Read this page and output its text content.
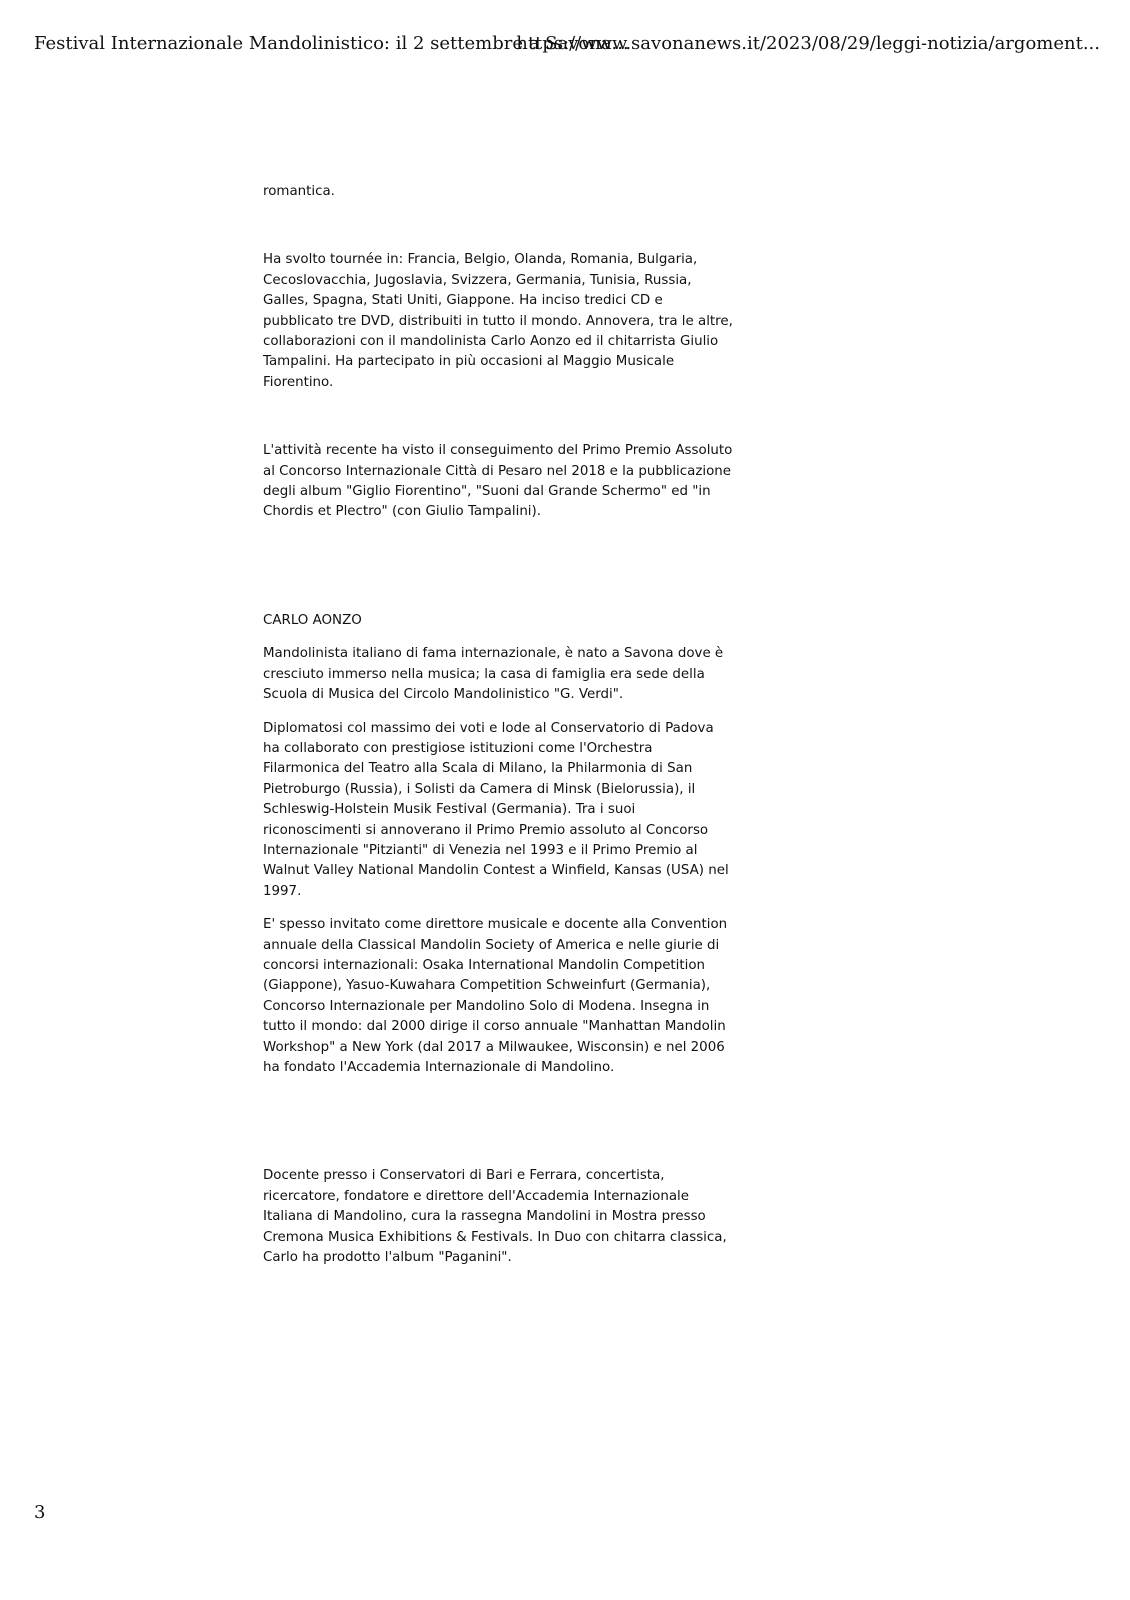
Festival Internazionale Mandolinistico: il 2 settembre a Savona...
https://www.savonanews.it/2023/08/29/leggi-notizia/argoment...

romantica.

Ha svolto tournée in: Francia, Belgio, Olanda, Romania, Bulgaria, Cecoslovacchia, Jugoslavia, Svizzera, Germania, Tunisia, Russia, Galles, Spagna, Stati Uniti, Giappone. Ha inciso tredici CD e pubblicato tre DVD, distribuiti in tutto il mondo. Annovera, tra le altre, collaborazioni con il mandolinista Carlo Aonzo ed il chitarrista Giulio Tampalini. Ha partecipato in più occasioni al Maggio Musicale Fiorentino.

L'attività recente ha visto il conseguimento del Primo Premio Assoluto al Concorso Internazionale Città di Pesaro nel 2018 e la pubblicazione degli album "Giglio Fiorentino", "Suoni dal Grande Schermo" ed "in Chordis et Plectro" (con Giulio Tampalini).

CARLO AONZO

Mandolinista italiano di fama internazionale, è nato a Savona dove è cresciuto immerso nella musica; la casa di famiglia era sede della Scuola di Musica del Circolo Mandolinistico "G. Verdi".

Diplomatosi col massimo dei voti e lode al Conservatorio di Padova ha collaborato con prestigiose istituzioni come l'Orchestra Filarmonica del Teatro alla Scala di Milano, la Philarmonia di San Pietroburgo (Russia), i Solisti da Camera di Minsk (Bielorussia), il Schleswig-Holstein Musik Festival (Germania). Tra i suoi riconoscimenti si annoverano il Primo Premio assoluto al Concorso Internazionale "Pitzianti" di Venezia nel 1993 e il Primo Premio al Walnut Valley National Mandolin Contest a Winfield, Kansas (USA) nel 1997.

E' spesso invitato come direttore musicale e docente alla Convention annuale della Classical Mandolin Society of America e nelle giurie di concorsi internazionali: Osaka International Mandolin Competition (Giappone), Yasuo-Kuwahara Competition Schweinfurt (Germania), Concorso Internazionale per Mandolino Solo di Modena. Insegna in tutto il mondo: dal 2000 dirige il corso annuale "Manhattan Mandolin Workshop" a New York (dal 2017 a Milwaukee, Wisconsin) e nel 2006 ha fondato l'Accademia Internazionale di Mandolino.

Docente presso i Conservatori di Bari e Ferrara, concertista, ricercatore, fondatore e direttore dell'Accademia Internazionale Italiana di Mandolino, cura la rassegna Mandolini in Mostra presso Cremona Musica Exhibitions & Festivals. In Duo con chitarra classica, Carlo ha prodotto l'album "Paganini".

3
